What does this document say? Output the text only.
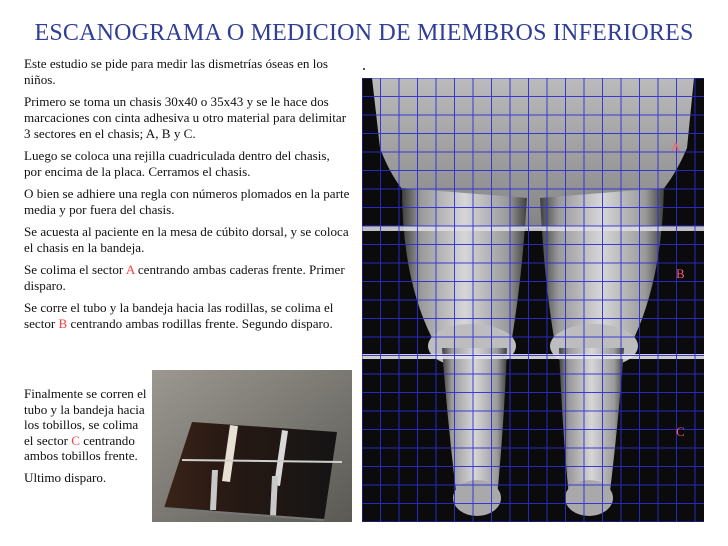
ESCANOGRAMA O MEDICION DE MIEMBROS INFERIORES

Este estudio se pide para medir las dismetrías óseas en los niños.

Primero se toma un chasis 30x40 o 35x43 y se le hace dos marcaciones con cinta adhesiva u otro material para delimitar 3 sectores en el chasis; A, B y C.

Luego se coloca una rejilla cuadriculada dentro del chasis, por encima de la placa. Cerramos el chasis.

O bien se adhiere una regla con números plomados en la parte media y por fuera del chasis.

Se acuesta al paciente en la mesa de cúbito dorsal, y se coloca el chasis en la bandeja.

Se colima el sector A centrando ambas caderas frente. Primer disparo.

Se corre el tubo y la bandeja hacia las rodillas, se colima el sector B centrando ambas rodillas frente. Segundo disparo.

Finalmente se corren el tubo y la bandeja hacia los tobillos, se colima el sector C centrando ambos tobillos frente.

Ultimo disparo.

A
B
C
